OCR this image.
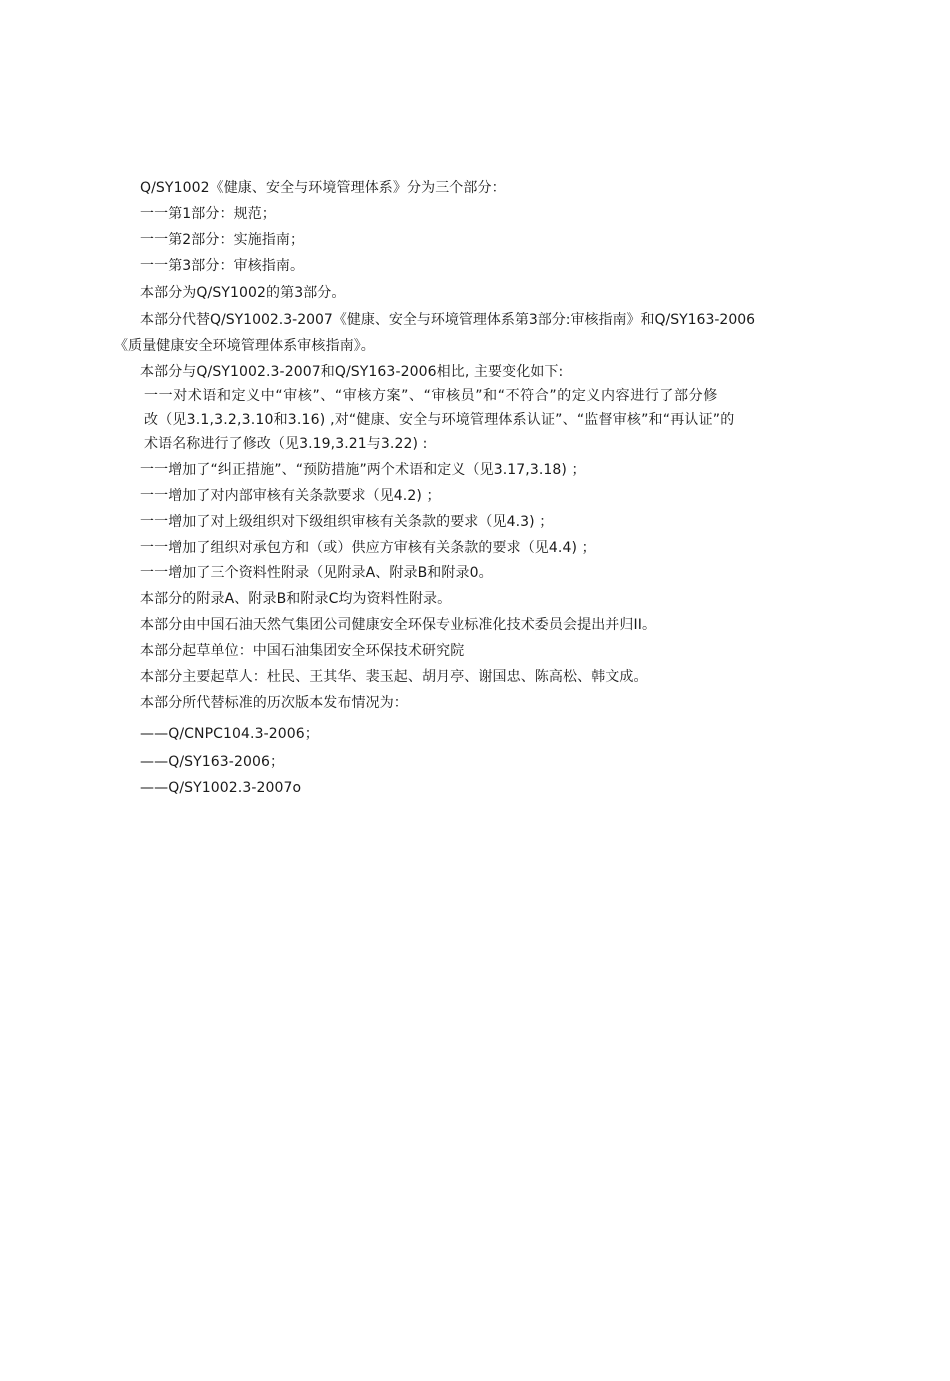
Q/SY1002《健康、安全与环境管理体系》分为三个部分：
一一第1部分：规范；
一一第2部分：实施指南；
一一第3部分：审核指南。
本部分为Q/SY1002的第3部分。
本部分代替Q/SY1002.3-2007《健康、安全与环境管理体系第3部分:审核指南》和Q/SY163-2006
《质量健康安全环境管理体系审核指南》。
本部分与Q/SY1002.3-2007和Q/SY163-2006相比, 主要变化如下:
一一对术语和定义中“审核”、“审核方案”、“审核员”和“不符合”的定义内容进行了部分修
改（见3.1,3.2,3.10和3.16) ,对“健康、安全与环境管理体系认证”、“监督审核”和“再认证”的
术语名称进行了修改（见3.19,3.21与3.22) :
一一增加了“纠正措施”、“预防措施”两个术语和定义（见3.17,3.18) ；
一一增加了对内部审核有关条款要求（见4.2) ；
一一增加了对上级组织对下级组织审核有关条款的要求（见4.3) ；
一一增加了组织对承包方和（或）供应方审核有关条款的要求（见4.4) ；
一一增加了三个资料性附录（见附录A、附录B和附录0。
本部分的附录A、附录B和附录C均为资料性附录。
本部分由中国石油天然气集团公司健康安全环保专业标准化技术委员会提出并归II。
本部分起草单位：中国石油集团安全环保技术研究院
本部分主要起草人：杜民、王其华、裴玉起、胡月亭、谢国忠、陈高松、韩文成。
本部分所代替标准的历次版本发布情况为：
——Q/CNPC104.3-2006；
——Q/SY163-2006；
——Q/SY1002.3-2007o
